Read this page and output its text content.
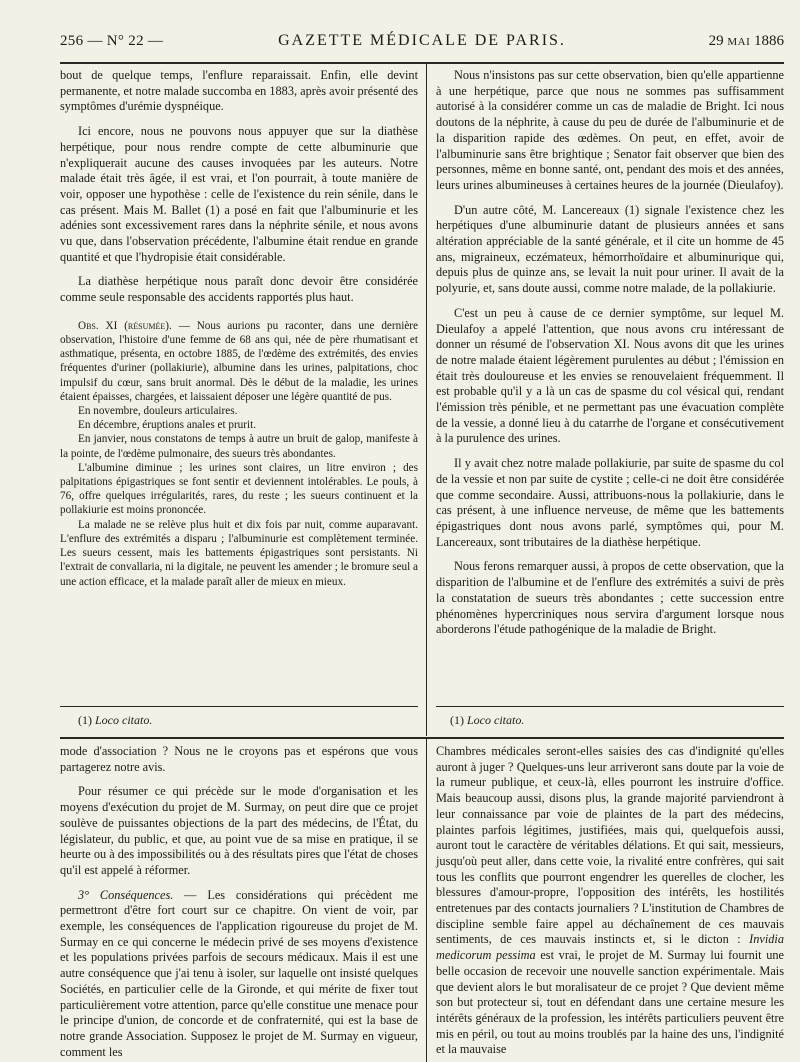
256 — N° 22 —	GAZETTE MÉDICALE DE PARIS.	29 MAI 1886

bout de quelque temps, l'enflure reparaissait. Enfin, elle devint permanente, et notre malade succomba en 1883, après avoir présenté des symptômes d'urémie dyspnéique.

Ici encore, nous ne pouvons nous appuyer que sur la diathèse herpétique, pour nous rendre compte de cette albuminurie que n'expliquerait aucune des causes invoquées par les auteurs. Notre malade était très âgée, il est vrai, et l'on pourrait, à toute manière de voir, opposer une hypothèse : celle de l'existence du rein sénile, dans le cas présent. Mais M. Ballet (1) a posé en fait que l'albuminurie et les adénies sont excessivement rares dans la néphrite sénile, et nous avons vu que, dans l'observation précédente, l'albumine était rendue en grande quantité et que l'hydropisie était considérable.

La diathèse herpétique nous paraît donc devoir être considérée comme seule responsable des accidents rapportés plus haut.

Obs. XI (résumée). — Nous aurions pu raconter, dans une dernière observation, l'histoire d'une femme de 68 ans qui, née de père rhumatisant et asthmatique, présenta, en octobre 1885, de l'œdème des extrémités, des envies fréquentes d'uriner (pollakiurie), albumine dans les urines, palpitations, choc impulsif du cœur, sans bruit anormal. Dès le début de la maladie, les urines étaient épaisses, chargées, et laissaient déposer une légère quantité de pus.

En novembre, douleurs articulaires.

En décembre, éruptions anales et prurit.

En janvier, nous constatons de temps à autre un bruit de galop, manifeste à la pointe, de l'œdème pulmonaire, des sueurs très abondantes.

L'albumine diminue ; les urines sont claires, un litre environ ; des palpitations épigastriques se font sentir et deviennent intolérables. Le pouls, à 76, offre quelques irrégularités, rares, du reste ; les sueurs continuent et la pollakiurie est moins prononcée.

La malade ne se relève plus huit et dix fois par nuit, comme auparavant. L'enflure des extrémités a disparu ; l'albuminurie est complètement terminée. Les sueurs cessent, mais les battements épigastriques sont persistants. Ni l'extrait de convallaria, ni la digitale, ne peuvent les amender ; le bromure seul a une action efficace, et la malade paraît aller de mieux en mieux.

(1) Loco citato.

Nous n'insistons pas sur cette observation, bien qu'elle appartienne à une herpétique, parce que nous ne sommes pas suffisamment autorisé à la considérer comme un cas de maladie de Bright. Ici nous doutons de la néphrite, à cause du peu de durée de l'albuminurie et de la disparition rapide des œdèmes. On peut, en effet, avoir de l'albuminurie sans être brightique ; Senator fait observer que bien des personnes, même en bonne santé, ont, pendant des mois et des années, leurs urines albumineuses à certaines heures de la journée (Dieulafoy).

D'un autre côté, M. Lancereaux (1) signale l'existence chez les herpétiques d'une albuminurie datant de plusieurs années et sans altération appréciable de la santé générale, et il cite un homme de 45 ans, migraineux, eczémateux, hémorrhoïdaire et albuminurique qui, depuis plus de quinze ans, se levait la nuit pour uriner. Il avait de la polyurie, et, sans doute aussi, comme notre malade, de la pollakiurie.

C'est un peu à cause de ce dernier symptôme, sur lequel M. Dieulafoy a appelé l'attention, que nous avons cru intéressant de donner un résumé de l'observation XI. Nous avons dit que les urines de notre malade étaient légèrement purulentes au début ; l'émission en était très douloureuse et les envies se renouvelaient fréquemment. Il est probable qu'il y a là un cas de spasme du col vésical qui, rendant l'émission très pénible, et ne permettant pas une évacuation complète de la vessie, a donné lieu à du catarrhe de l'organe et consécutivement à la purulence des urines.

Il y avait chez notre malade pollakiurie, par suite de spasme du col de la vessie et non par suite de cystite ; celle-ci ne doit être considérée que comme secondaire. Aussi, attribuons-nous la pollakiurie, dans le cas présent, à une influence nerveuse, de même que les battements épigastriques dont nous avons parlé, symptômes qui, pour M. Lancereaux, sont tributaires de la diathèse herpétique.

Nous ferons remarquer aussi, à propos de cette observation, que la disparition de l'albumine et de l'enflure des extrémités a suivi de près la constatation de sueurs très abondantes ; cette succession entre phénomènes hypercriniques nous servira d'argument lorsque nous aborderons l'étude pathogénique de la maladie de Bright.

(1) Loco citato.

mode d'association ? Nous ne le croyons pas et espérons que vous partagerez notre avis.

Pour résumer ce qui précède sur le mode d'organisation et les moyens d'exécution du projet de M. Surmay, on peut dire que ce projet soulève de puissantes objections de la part des médecins, de l'État, du législateur, du public, et que, au point vue de sa mise en pratique, il se heurte ou à des impossibilités ou à des résultats pires que l'état de choses qu'il est appelé à réformer.

3° Conséquences. — Les considérations qui précèdent me permettront d'être fort court sur ce chapitre. On vient de voir, par exemple, les conséquences de l'application rigoureuse du projet de M. Surmay en ce qui concerne le médecin privé de ses moyens d'existence et les populations privées parfois de secours médicaux. Mais il est une autre conséquence que j'ai tenu à isoler, sur laquelle ont insisté quelques Sociétés, en particulier celle de la Gironde, et qui mérite de fixer tout particulièrement votre attention, parce qu'elle constitue une menace pour le principe d'union, de concorde et de confraternité, qui est la base de notre grande Association. Supposez le projet de M. Surmay en vigueur, comment les

Chambres médicales seront-elles saisies des cas d'indignité qu'elles auront à juger ? Quelques-uns leur arriveront sans doute par la voie de la rumeur publique, et ceux-là, elles pourront les instruire d'office. Mais beaucoup aussi, disons plus, la grande majorité parviendront à leur connaissance par voie de plaintes de la part des médecins, plaintes parfois légitimes, justifiées, mais qui, quelquefois aussi, auront tout le caractère de véritables délations. Et qui sait, messieurs, jusqu'où peut aller, dans cette voie, la rivalité entre confrères, qui sait tous les conflits que pourront engendrer les querelles de clocher, les blessures d'amour-propre, l'opposition des intérêts, les hostilités entretenues par des contacts journaliers ? L'institution de Chambres de discipline semble faire appel au déchaînement de ces mauvais sentiments, de ces mauvais instincts et, si le dicton : Invidia medicorum pessima est vrai, le projet de M. Surmay lui fournit une belle occasion de recevoir une nouvelle sanction expérimentale. Mais que devient alors le but moralisateur de ce projet ? Que devient même son but protecteur si, tout en défendant dans une certaine mesure les intérêts généraux de la profession, les intérêts particuliers peuvent être mis en péril, ou tout au moins troublés par la haine des uns, l'indignité et la mauvaise
